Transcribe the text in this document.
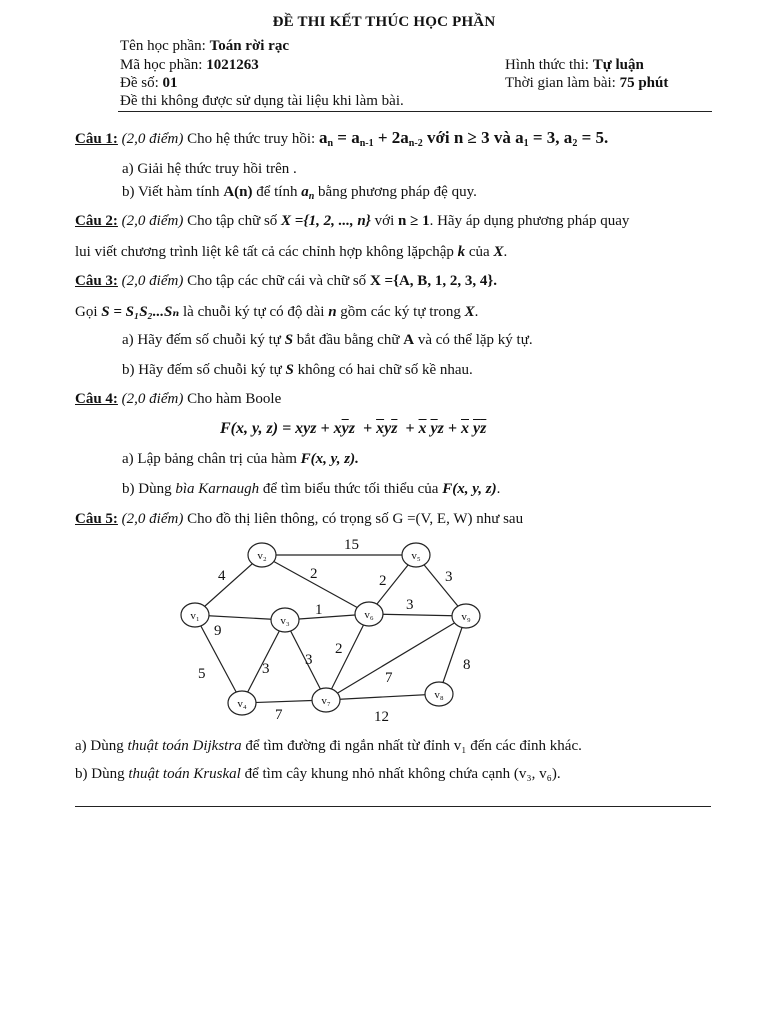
ĐỀ THI KẾT THÚC HỌC PHẦN
Tên học phần: Toán rời rạc
Mã học phần: 1021263	Hình thức thi: Tự luận
Đề số: 01	Thời gian làm bài: 75 phút
Đề thi không được sử dụng tài liệu khi làm bài.
Câu 1: (2,0 điểm) Cho hệ thức truy hồi: $a_n = a_{n-1} + 2a_{n-2}$ với n ≥ 3 và $a_1 = 3$, $a_2 = 5$.
a) Giải hệ thức truy hồi trên .
b) Viết hàm tính A(n) để tính $a_n$ bằng phương pháp đệ quy.
Câu 2: (2,0 điểm) Cho tập chữ số X ={1, 2, ..., n} với n ≥ 1. Hãy áp dụng phương pháp quay
lui viết chương trình liệt kê tất cả các chỉnh hợp không lặpchập k của X.
Câu 3: (2,0 điểm) Cho tập các chữ cái và chữ số X ={A, B, 1, 2, 3, 4}.
Gọi S = S₁S₂...Sₙ là chuỗi ký tự có độ dài n gồm các ký tự trong X.
a) Hãy đếm số chuỗi ký tự S bắt đầu bằng chữ A và có thể lặp ký tự.
b) Hãy đếm số chuỗi ký tự S không có hai chữ số kề nhau.
Câu 4: (2,0 điểm) Cho hàm Boole
F(x, y, z) = xyz + $x\overline{y}z + \overline{x}y\overline{z} + \overline{x}$ $\overline{y}z + \overline{x}$ $\overline{y}\overline{z}$
a) Lập bảng chân trị của hàm F(x, y, z).
b) Dùng bìa Karnaugh để tìm biểu thức tối thiểu của F(x, y, z).
Câu 5: (2,0 điểm) Cho đồ thị liên thông, có trọng số G =(V, E, W) như sau
4
15
2	2	3
1	3
9
5	3
3
2
7
8
7	12
v₁
v₂
v₃
v₄
v₅
v₆
v₇	v₈
v₉
a) Dùng thuật toán Dijkstra để tìm đường đi ngắn nhất từ đỉnh v₁ đến các đỉnh khác.
b) Dùng thuật toán Kruskal để tìm cây khung nhỏ nhất không chứa cạnh (v₃, v₆).
